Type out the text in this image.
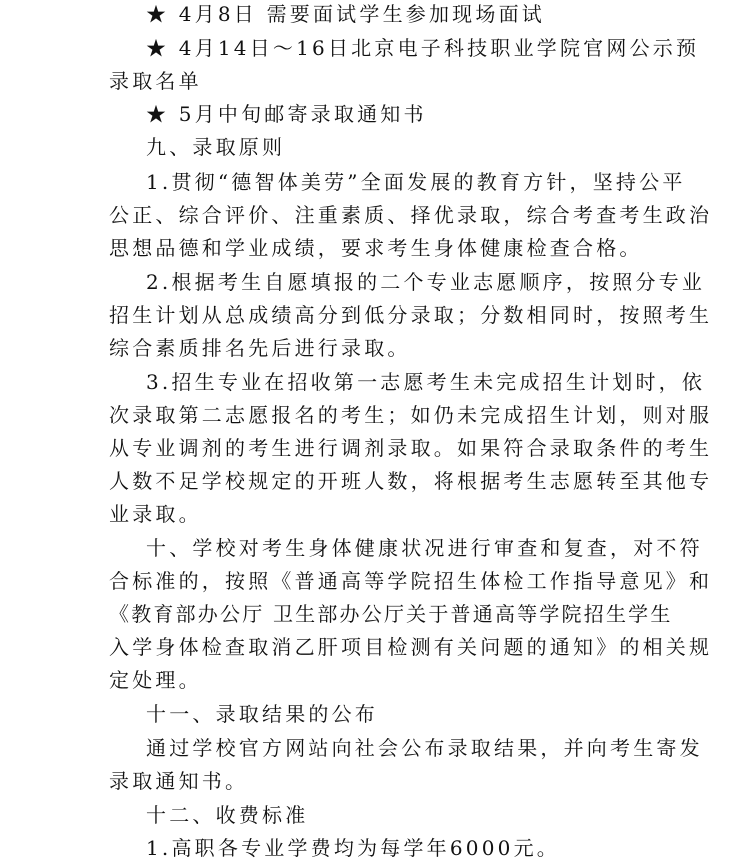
★ 4月8日 需要面试学生参加现场面试
★ 4月14日～16日北京电子科技职业学院官网公示预
录取名单
★ 5月中旬邮寄录取通知书
九、录取原则
1.贯彻“德智体美劳”全面发展的教育方针，坚持公平
公正、综合评价、注重素质、择优录取，综合考查考生政治
思想品德和学业成绩，要求考生身体健康检查合格。
2.根据考生自愿填报的二个专业志愿顺序，按照分专业
招生计划从总成绩高分到低分录取；分数相同时，按照考生
综合素质排名先后进行录取。
3.招生专业在招收第一志愿考生未完成招生计划时，依
次录取第二志愿报名的考生；如仍未完成招生计划，则对服
从专业调剂的考生进行调剂录取。如果符合录取条件的考生
人数不足学校规定的开班人数，将根据考生志愿转至其他专
业录取。
十、学校对考生身体健康状况进行审查和复查，对不符
合标准的，按照《普通高等学院招生体检工作指导意见》和
《教育部办公厅 卫生部办公厅关于普通高等学院招生学生
入学身体检查取消乙肝项目检测有关问题的通知》的相关规
定处理。
十一、录取结果的公布
通过学校官方网站向社会公布录取结果，并向考生寄发
录取通知书。
十二、收费标准
1.高职各专业学费均为每学年6000元。
